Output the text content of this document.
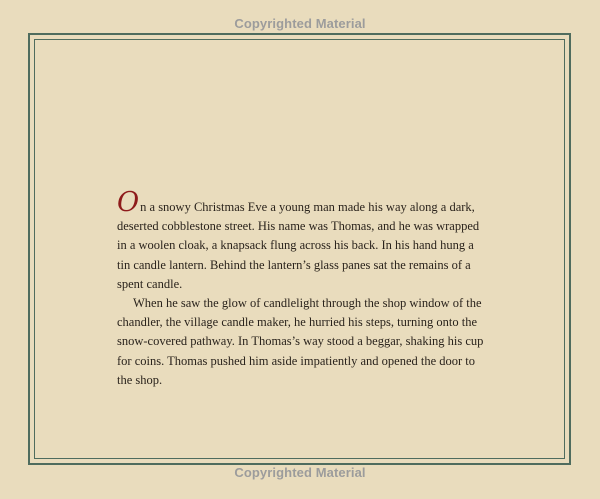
Copyrighted Material

On a snowy Christmas Eve a young man made his way along a dark,
deserted cobblestone street. His name was Thomas, and he was wrapped
in a woolen cloak, a knapsack flung across his back. In his hand hung a
tin candle lantern. Behind the lantern’s glass panes sat the remains of a
spent candle.

When he saw the glow of candlelight through the shop window of the
chandler, the village candle maker, he hurried his steps, turning onto the
snow-covered pathway. In Thomas’s way stood a beggar, shaking his cup
for coins. Thomas pushed him aside impatiently and opened the door to
the shop.

Copyrighted Material
